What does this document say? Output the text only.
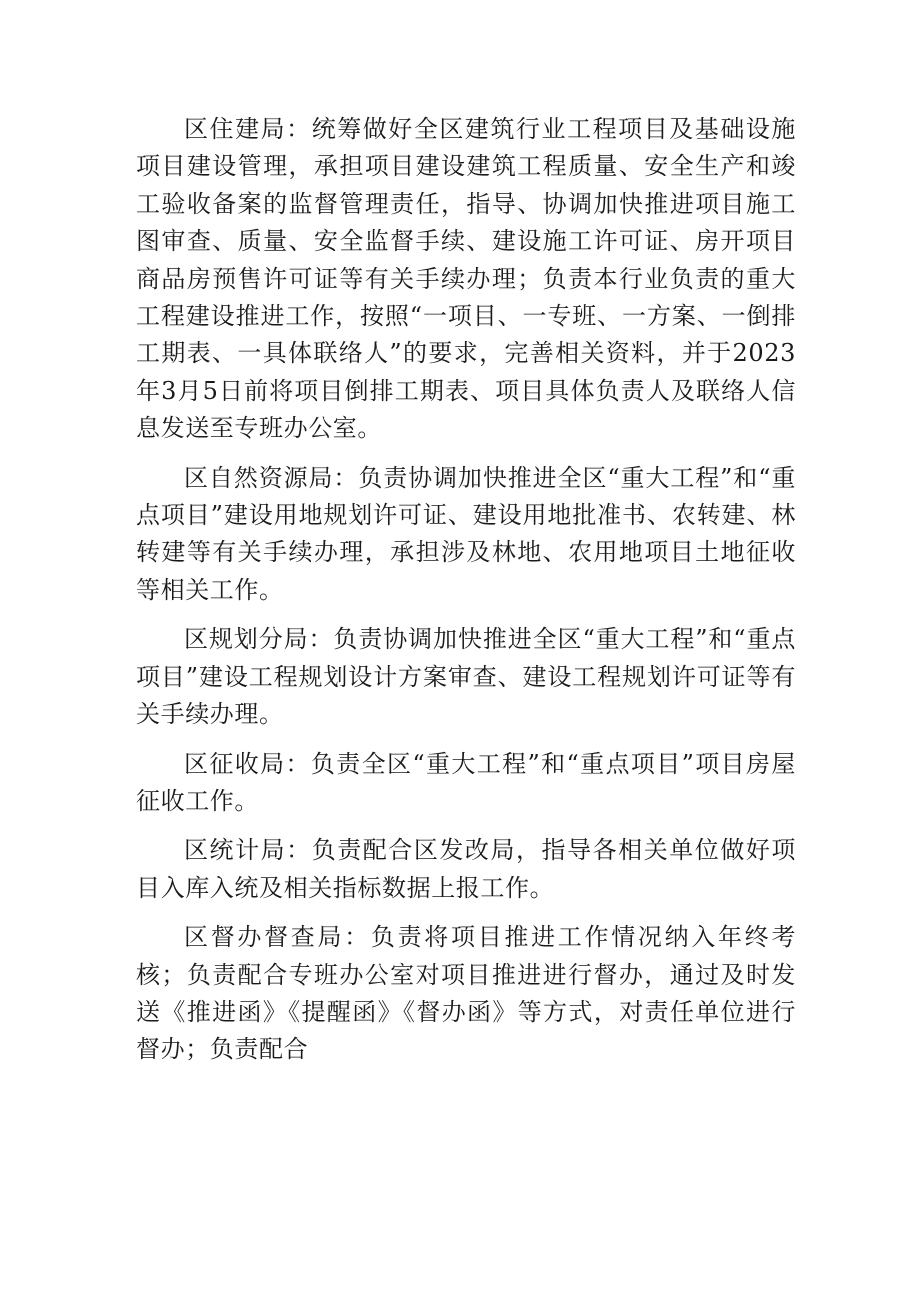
区住建局：统筹做好全区建筑行业工程项目及基础设施项目建设管理，承担项目建设建筑工程质量、安全生产和竣工验收备案的监督管理责任，指导、协调加快推进项目施工图审查、质量、安全监督手续、建设施工许可证、房开项目商品房预售许可证等有关手续办理；负责本行业负责的重大工程建设推进工作，按照“一项目、一专班、一方案、一倒排工期表、一具体联络人”的要求，完善相关资料，并于2023年3月5日前将项目倒排工期表、项目具体负责人及联络人信息发送至专班办公室。

区自然资源局：负责协调加快推进全区“重大工程”和“重点项目”建设用地规划许可证、建设用地批准书、农转建、林转建等有关手续办理，承担涉及林地、农用地项目土地征收等相关工作。

区规划分局：负责协调加快推进全区“重大工程”和“重点项目”建设工程规划设计方案审查、建设工程规划许可证等有关手续办理。

区征收局：负责全区“重大工程”和“重点项目”项目房屋征收工作。

区统计局：负责配合区发改局，指导各相关单位做好项目入库入统及相关指标数据上报工作。

区督办督查局：负责将项目推进工作情况纳入年终考核；负责配合专班办公室对项目推进进行督办，通过及时发送《推进函》《提醒函》《督办函》等方式，对责任单位进行督办；负责配合
